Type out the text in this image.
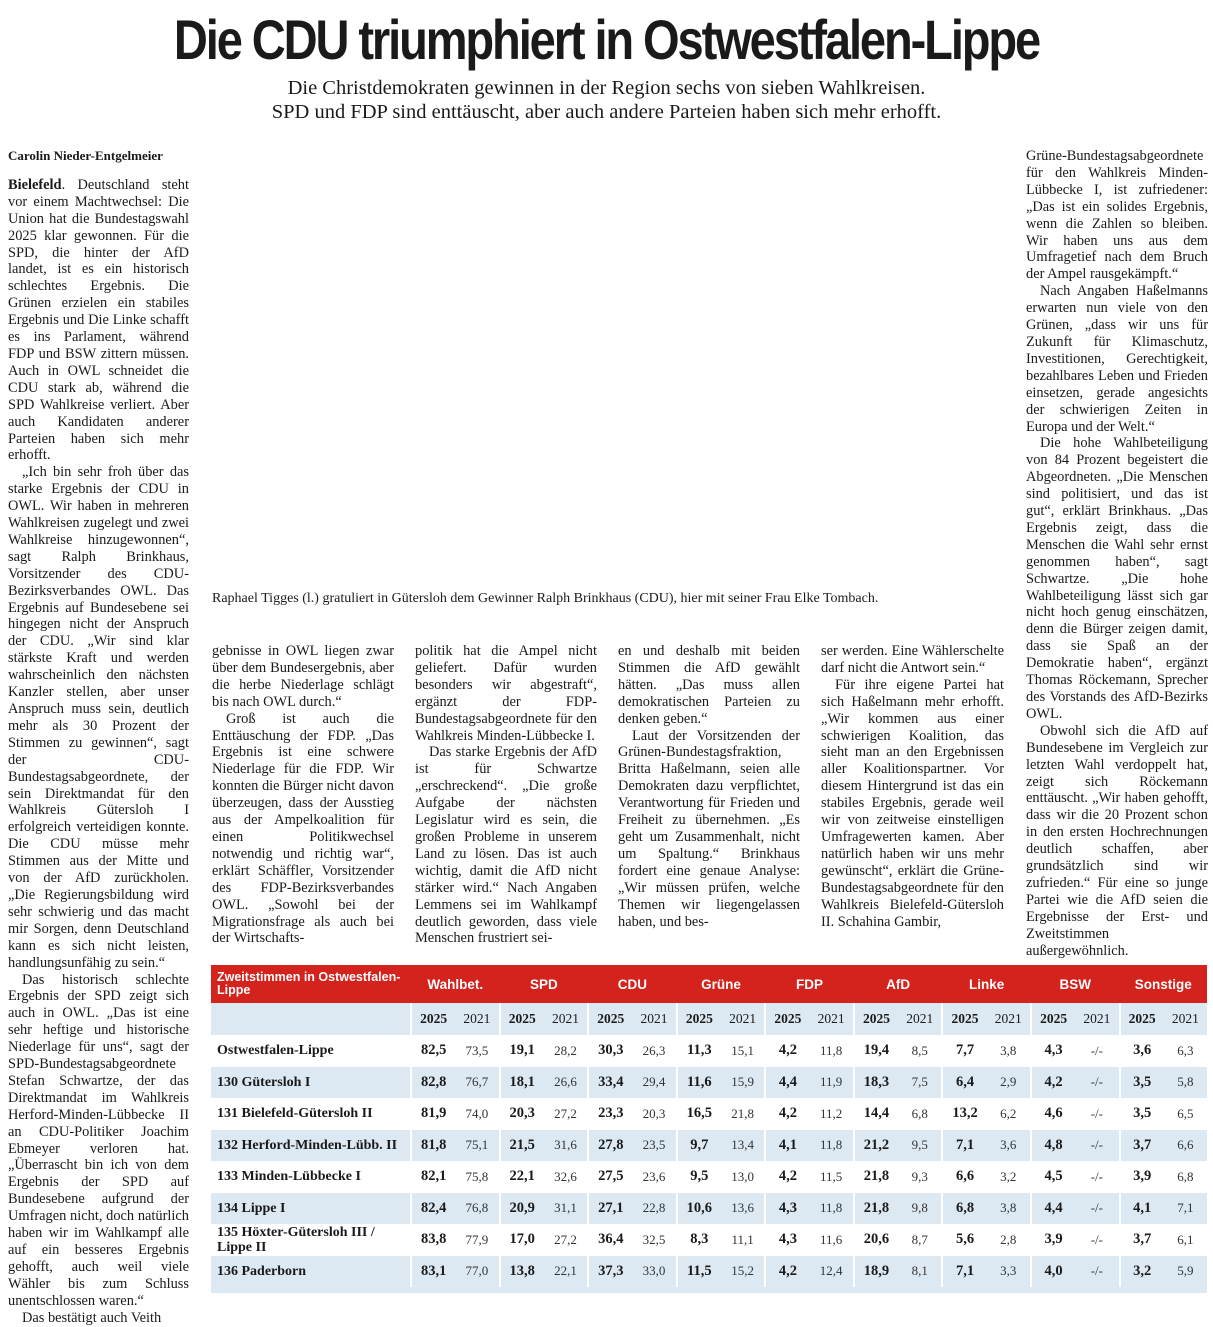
Die CDU triumphiert in Ostwestfalen-Lippe
Die Christdemokraten gewinnen in der Region sechs von sieben Wahlkreisen.
SPD und FDP sind enttäuscht, aber auch andere Parteien haben sich mehr erhofft.

Carolin Nieder-Entgelmeier

Bielefeld. Deutschland steht vor einem Machtwechsel: Die Union hat die Bundestagswahl 2025 klar gewonnen. Für die SPD, die hinter der AfD landet, ist es ein historisch schlechtes Ergebnis. Die Grünen erzielen ein stabiles Ergebnis und Die Linke schafft es ins Parlament, während FDP und BSW zittern müssen. Auch in OWL schneidet die CDU stark ab, während die SPD Wahlkreise verliert. Aber auch Kandidaten anderer Parteien haben sich mehr erhofft.

„Ich bin sehr froh über das starke Ergebnis der CDU in OWL. Wir haben in mehreren Wahlkreisen zugelegt und zwei Wahlkreise hinzugewonnen“, sagt Ralph Brinkhaus, Vorsitzender des CDU-Bezirksverbandes OWL. Das Ergebnis auf Bundesebene sei hingegen nicht der Anspruch der CDU. „Wir sind klar stärkste Kraft und werden wahrscheinlich den nächsten Kanzler stellen, aber unser Anspruch muss sein, deutlich mehr als 30 Prozent der Stimmen zu gewinnen“, sagt der CDU-Bundestagsabgeordnete, der sein Direktmandat für den Wahlkreis Gütersloh I erfolgreich verteidigen konnte. Die CDU müsse mehr Stimmen aus der Mitte und von der AfD zurückholen. „Die Regierungsbildung wird sehr schwierig und das macht mir Sorgen, denn Deutschland kann es sich nicht leisten, handlungsunfähig zu sein.“

Das historisch schlechte Ergebnis der SPD zeigt sich auch in OWL. „Das ist eine sehr heftige und historische Niederlage für uns“, sagt der SPD-Bundestagsabgeordnete Stefan Schwartze, der das Direktmandat im Wahlkreis Herford-Minden-Lübbecke II an CDU-Politiker Joachim Ebmeyer verloren hat. „Überrascht bin ich von dem Ergebnis der SPD auf Bundesebene aufgrund der Umfragen nicht, doch natürlich haben wir im Wahlkampf alle auf ein besseres Ergebnis gehofft, auch weil viele Wähler bis zum Schluss unentschlossen waren.“

Das bestätigt auch Veith

Raphael Tigges (l.) gratuliert in Gütersloh dem Gewinner Ralph Brinkhaus (CDU), hier mit seiner Frau Elke Tombach.

gebnisse in OWL liegen zwar über dem Bundesergebnis, aber die herbe Niederlage schlägt bis nach OWL durch.“

Groß ist auch die Enttäuschung der FDP. „Das Ergebnis ist eine schwere Niederlage für die FDP. Wir konnten die Bürger nicht davon überzeugen, dass der Ausstieg aus der Ampelkoalition für einen Politikwechsel notwendig und richtig war“, erklärt Schäffler, Vorsitzender des FDP-Bezirksverbandes OWL. „Sowohl bei der Migrationsfrage als auch bei der Wirtschafts-

politik hat die Ampel nicht geliefert. Dafür wurden besonders wir abgestraft“, ergänzt der FDP-Bundestagsabgeordnete für den Wahlkreis Minden-Lübbecke I.

Das starke Ergebnis der AfD ist für Schwartze „erschreckend“. „Die große Aufgabe der nächsten Legislatur wird es sein, die großen Probleme in unserem Land zu lösen. Das ist auch wichtig, damit die AfD nicht stärker wird.“ Nach Angaben Lemmens sei im Wahlkampf deutlich geworden, dass viele Menschen frustriert sei-

en und deshalb mit beiden Stimmen die AfD gewählt hätten. „Das muss allen demokratischen Parteien zu denken geben.“

Laut der Vorsitzenden der Grünen-Bundestagsfraktion, Britta Haßelmann, seien alle Demokraten dazu verpflichtet, Verantwortung für Frieden und Freiheit zu übernehmen. „Es geht um Zusammenhalt, nicht um Spaltung.“ Brinkhaus fordert eine genaue Analyse: „Wir müssen prüfen, welche Themen wir liegengelassen haben, und bes-

ser werden. Eine Wählerschelte darf nicht die Antwort sein.“

Für ihre eigene Partei hat sich Haßelmann mehr erhofft. „Wir kommen aus einer schwierigen Koalition, das sieht man an den Ergebnissen aller Koalitionspartner. Vor diesem Hintergrund ist das ein stabiles Ergebnis, gerade weil wir von zeitweise einstelligen Umfragewerten kamen. Aber natürlich haben wir uns mehr gewünscht“, erklärt die Grüne-Bundestagsabgeordnete für den Wahlkreis Bielefeld-Gütersloh II. Schahina Gambir,

Grüne-Bundestagsabgeordnete für den Wahlkreis Minden-Lübbecke I, ist zufriedener: „Das ist ein solides Ergebnis, wenn die Zahlen so bleiben. Wir haben uns aus dem Umfragetief nach dem Bruch der Ampel rausgekämpft.“

Nach Angaben Haßelmanns erwarten nun viele von den Grünen, „dass wir uns für Zukunft für Klimaschutz, Investitionen, Gerechtigkeit, bezahlbares Leben und Frieden einsetzen, gerade angesichts der schwierigen Zeiten in Europa und der Welt.“

Die hohe Wahlbeteiligung von 84 Prozent begeistert die Abgeordneten. „Die Menschen sind politisiert, und das ist gut“, erklärt Brinkhaus. „Das Ergebnis zeigt, dass die Menschen die Wahl sehr ernst genommen haben“, sagt Schwartze. „Die hohe Wahlbeteiligung lässt sich gar nicht hoch genug einschätzen, denn die Bürger zeigen damit, dass sie Spaß an der Demokratie haben“, ergänzt Thomas Röckemann, Sprecher des Vorstands des AfD-Bezirks OWL.

Obwohl sich die AfD auf Bundesebene im Vergleich zur letzten Wahl verdoppelt hat, zeigt sich Röckemann enttäuscht. „Wir haben gehofft, dass wir die 20 Prozent schon in den ersten Hochrechnungen deutlich schaffen, aber grundsätzlich sind wir zufrieden.“ Für eine so junge Partei wie die AfD seien die Ergebnisse der Erst- und Zweitstimmen außergewöhnlich.

Zweitstimmen in Ostwestfalen-Lippe	Wahlbet.		SPD		CDU		Grüne		FDP		AfD		Linke		BSW		Sonstige	
	2025	2021	2025	2021	2025	2021	2025	2021	2025	2021	2025	2021	2025	2021	2025	2021	2025	2021
Ostwestfalen-Lippe	82,5	73,5	19,1	28,2	30,3	26,3	11,3	15,1	4,2	11,8	19,4	8,5	7,7	3,8	4,3	-/-	3,6	6,3
130 Gütersloh I	82,8	76,7	18,1	26,6	33,4	29,4	11,6	15,9	4,4	11,9	18,3	7,5	6,4	2,9	4,2	-/-	3,5	5,8
131 Bielefeld-Gütersloh II	81,9	74,0	20,3	27,2	23,3	20,3	16,5	21,8	4,2	11,2	14,4	6,8	13,2	6,2	4,6	-/-	3,5	6,5
132 Herford-Minden-Lübb. II	81,8	75,1	21,5	31,6	27,8	23,5	9,7	13,4	4,1	11,8	21,2	9,5	7,1	3,6	4,8	-/-	3,7	6,6
133 Minden-Lübbecke I	82,1	75,8	22,1	32,6	27,5	23,6	9,5	13,0	4,2	11,5	21,8	9,3	6,6	3,2	4,5	-/-	3,9	6,8
134 Lippe I	82,4	76,8	20,9	31,1	27,1	22,8	10,6	13,6	4,3	11,8	21,8	9,8	6,8	3,8	4,4	-/-	4,1	7,1
135 Höxter-Gütersloh III / Lippe II	83,8	77,9	17,0	27,2	36,4	32,5	8,3	11,1	4,3	11,6	20,6	8,7	5,6	2,8	3,9	-/-	3,7	6,1
136 Paderborn	83,1	77,0	13,8	22,1	37,3	33,0	11,5	15,2	4,2	12,4	18,9	8,1	7,1	3,3	4,0	-/-	3,2	5,9
